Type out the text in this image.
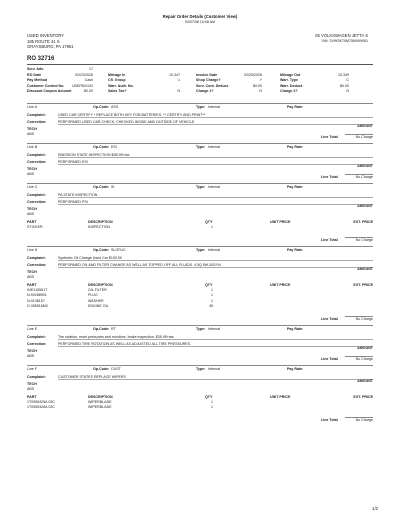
Repair Order Details (Customer View)
03/07/08 10:08 AM
USED INVENTORY
185 ROUTE 41 S
GRAYSBURG, PA 17961
05 VOLKSWAGEN JETTA S
VIN: 3VWSK79M75M099061
RO 32716
Serv. Adv.	17
RO Date	02/23/2026
Pay Method	Cash
Customer Control No.	USEPAV/102
Discount Coupon Amount	$0.00
Mileage In	10,347
Cfl. Group	1
Warr. Auth. No.
Sales Tax?	N
Invoice Date	02/25/2026
Shop Charge?	Y
Serv. Cont. Deduct.	$0.00
Charge 1?	N
Mileage Out	10,349
Warr. Type	C
Warr. Deduct.	$0.00
Charge 2?	N
Line A	Op-Code: ASS	Type: Internal	Pay Rate:
Complaint:	USED CAR CERTIFY * REPLACE BOTH KEY FOB BATTERIES. ** CERTIFY AND PRINT**
Correction:	PERFORMED USED CAR CHECK, CHECKED INSIDE AND OUTSIDE OF VEHICLE
TECH
AMOUNT
ABS
Line Total	No Charge
Line B	Op-Code: ESI	Type: Internal	Pay Rate:
Complaint:	EMISSION STATE INSPECTION $38.95+tax
Correction:	PERFORMED ESI
TECH
AMOUNT
ABS
Line Total	No Charge
Line C	Op-Code: SI	Type: Internal	Pay Rate:
Complaint:	PA STATE INSPECTION
Correction:	PERFORMED PSI
TECH
AMOUNT
ABS
PART	DESCRIPTION	QTY	UNIT PRICE	EXT. PRICE
STICKER	INSPECTION	1
Line Total	No Charge
Line D	Op-Code: SLOFUC	Type: Internal	Pay Rate:
Complaint:	Synthetic Oil Change Used Car $100.00
Correction:	PERFORMED OIL AND FILTER CHANGE AS WELL AS TOPPED OFF ALL FLUIDS. 4.5Q 5W-30SYN
TECH
AMOUNT
ABS
PART	DESCRIPTION	QTY	UNIT PRICE	EXT. PRICE
04E115561T	OIL FILTER	1
N-90288901	PLUG	1
N-0138157	WASHER	1
G 055516M3	ENGINE OIL	45
Line Total	No Charge
Line E	Op-Code: RT	Type: Internal	Pay Rate:
Complaint:	Tire rotation, reset pressures and monitors, brake inspection. $35.95+tax
Correction:	PERFORMED TIRE ROTATION AS WELL AS ADJUSTED ALL TIRE PRESSURES.
TECH
AMOUNT
ABS
Line Total	No Charge
Line F	Op-Code: CUST	Type: Internal	Pay Rate:
Complaint:	CUSTOMER STATES REPLACE WIPERS
TECH
AMOUNT
ABS
PART	DESCRIPTION	QTY	UNIT PRICE	EXT. PRICE
1T0955425A 03C	WIPERBLADE	1
1T0955426A 03C	WIPERBLADE	1
Line Total	No Charge
1/2
